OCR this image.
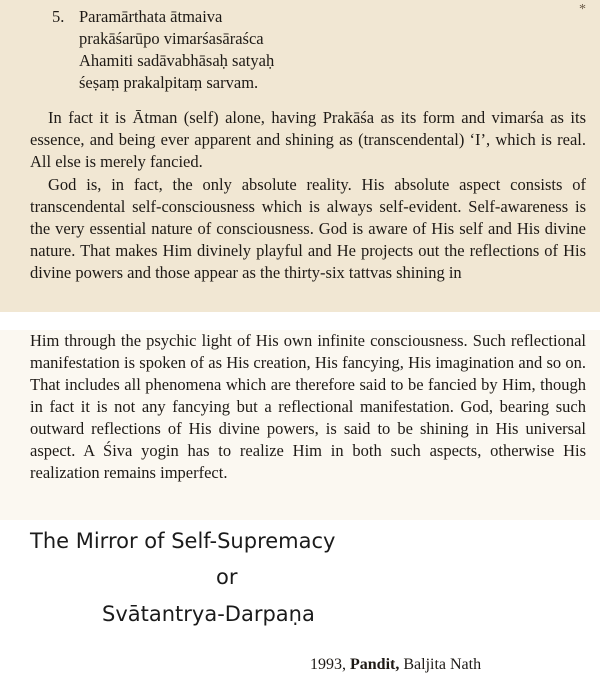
*
5. Paramārthata ātmaiva
prakāśarūpo vimarśasāraśca
Ahamiti sadāvabhāsaḥ satyaḥ
śeṣaṃ prakalpitaṃ sarvam.
In fact it is Ātman (self) alone, having Prakāśa as its form and vimarśa as its essence, and being ever apparent and shining as (transcendental) ‘I’, which is real. All else is merely fancied.
God is, in fact, the only absolute reality. His absolute aspect consists of transcendental self-consciousness which is always self-evident. Self-awareness is the very essential nature of consciousness. God is aware of His self and His divine nature. That makes Him divinely playful and He projects out the reflections of His divine powers and those appear as the thirty-six tattvas shining in
Him through the psychic light of His own infinite consciousness. Such reflectional manifestation is spoken of as His creation, His fancying, His imagination and so on. That includes all phenomena which are therefore said to be fancied by Him, though in fact it is not any fancying but a reflectional manifestation. God, bearing such outward reflections of His divine powers, is said to be shining in His universal aspect. A Śiva yogin has to realize Him in both such aspects, otherwise His realization remains imperfect.
The Mirror of Self-Supremacy
or
Svātantrya-Darpaṇa
1993, Pandit, Baljita Nath
